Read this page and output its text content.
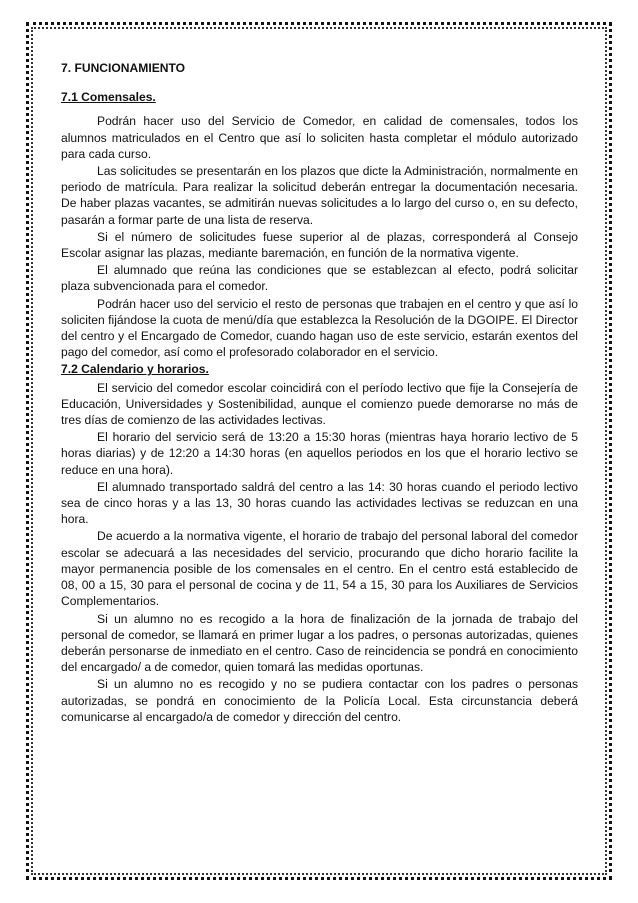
7. FUNCIONAMIENTO
7.1 Comensales.

Podrán hacer uso del Servicio de Comedor, en calidad de comensales, todos los alumnos matriculados en el Centro que así lo soliciten hasta completar el módulo autorizado para cada curso.

Las solicitudes se presentarán en los plazos que dicte la Administración, normalmente en periodo de matrícula. Para realizar la solicitud deberán entregar la documentación necesaria. De haber plazas vacantes, se admitirán nuevas solicitudes a lo largo del curso o, en su defecto, pasarán a formar parte de una lista de reserva.

Si el número de solicitudes fuese superior al de plazas, corresponderá al Consejo Escolar asignar las plazas, mediante baremación, en función de la normativa vigente.

El alumnado que reúna las condiciones que se establezcan al efecto, podrá solicitar plaza subvencionada para el comedor.

Podrán hacer uso del servicio el resto de personas que trabajen en el centro y que así lo soliciten fijándose la cuota de menú/día que establezca la Resolución de la DGOIPE. El Director del centro y el Encargado de Comedor, cuando hagan uso de este servicio, estarán exentos del pago del comedor, así como el profesorado colaborador en el servicio.

7.2 Calendario y horarios.

El servicio del comedor escolar coincidirá con el período lectivo que fije la Consejería de Educación, Universidades y Sostenibilidad, aunque el comienzo puede demorarse no más de tres días de comienzo de las actividades lectivas.

El horario del servicio será de 13:20 a 15:30 horas (mientras haya horario lectivo de 5 horas diarias) y de 12:20 a 14:30 horas (en aquellos periodos en los que el horario lectivo se reduce en una hora).

El alumnado transportado saldrá del centro a las 14: 30 horas cuando el periodo lectivo sea de cinco horas y a las 13, 30 horas cuando las actividades lectivas se reduzcan en una hora.

De acuerdo a la normativa vigente, el horario de trabajo del personal laboral del comedor escolar se adecuará a las necesidades del servicio, procurando que dicho horario facilite la mayor permanencia posible de los comensales en el centro. En el centro está establecido de 08, 00 a 15, 30 para el personal de cocina y de 11, 54 a 15, 30 para los Auxiliares de Servicios Complementarios.

Si un alumno no es recogido a la hora de finalización de la jornada de trabajo del personal de comedor, se llamará en primer lugar a los padres, o personas autorizadas, quienes deberán personarse de inmediato en el centro. Caso de reincidencia se pondrá en conocimiento del encargado/ a de comedor, quien tomará las medidas oportunas.

Si un alumno no es recogido y no se pudiera contactar con los padres o personas autorizadas, se pondrá en conocimiento de la Policía Local. Esta circunstancia deberá comunicarse al encargado/a de comedor y dirección del centro.
